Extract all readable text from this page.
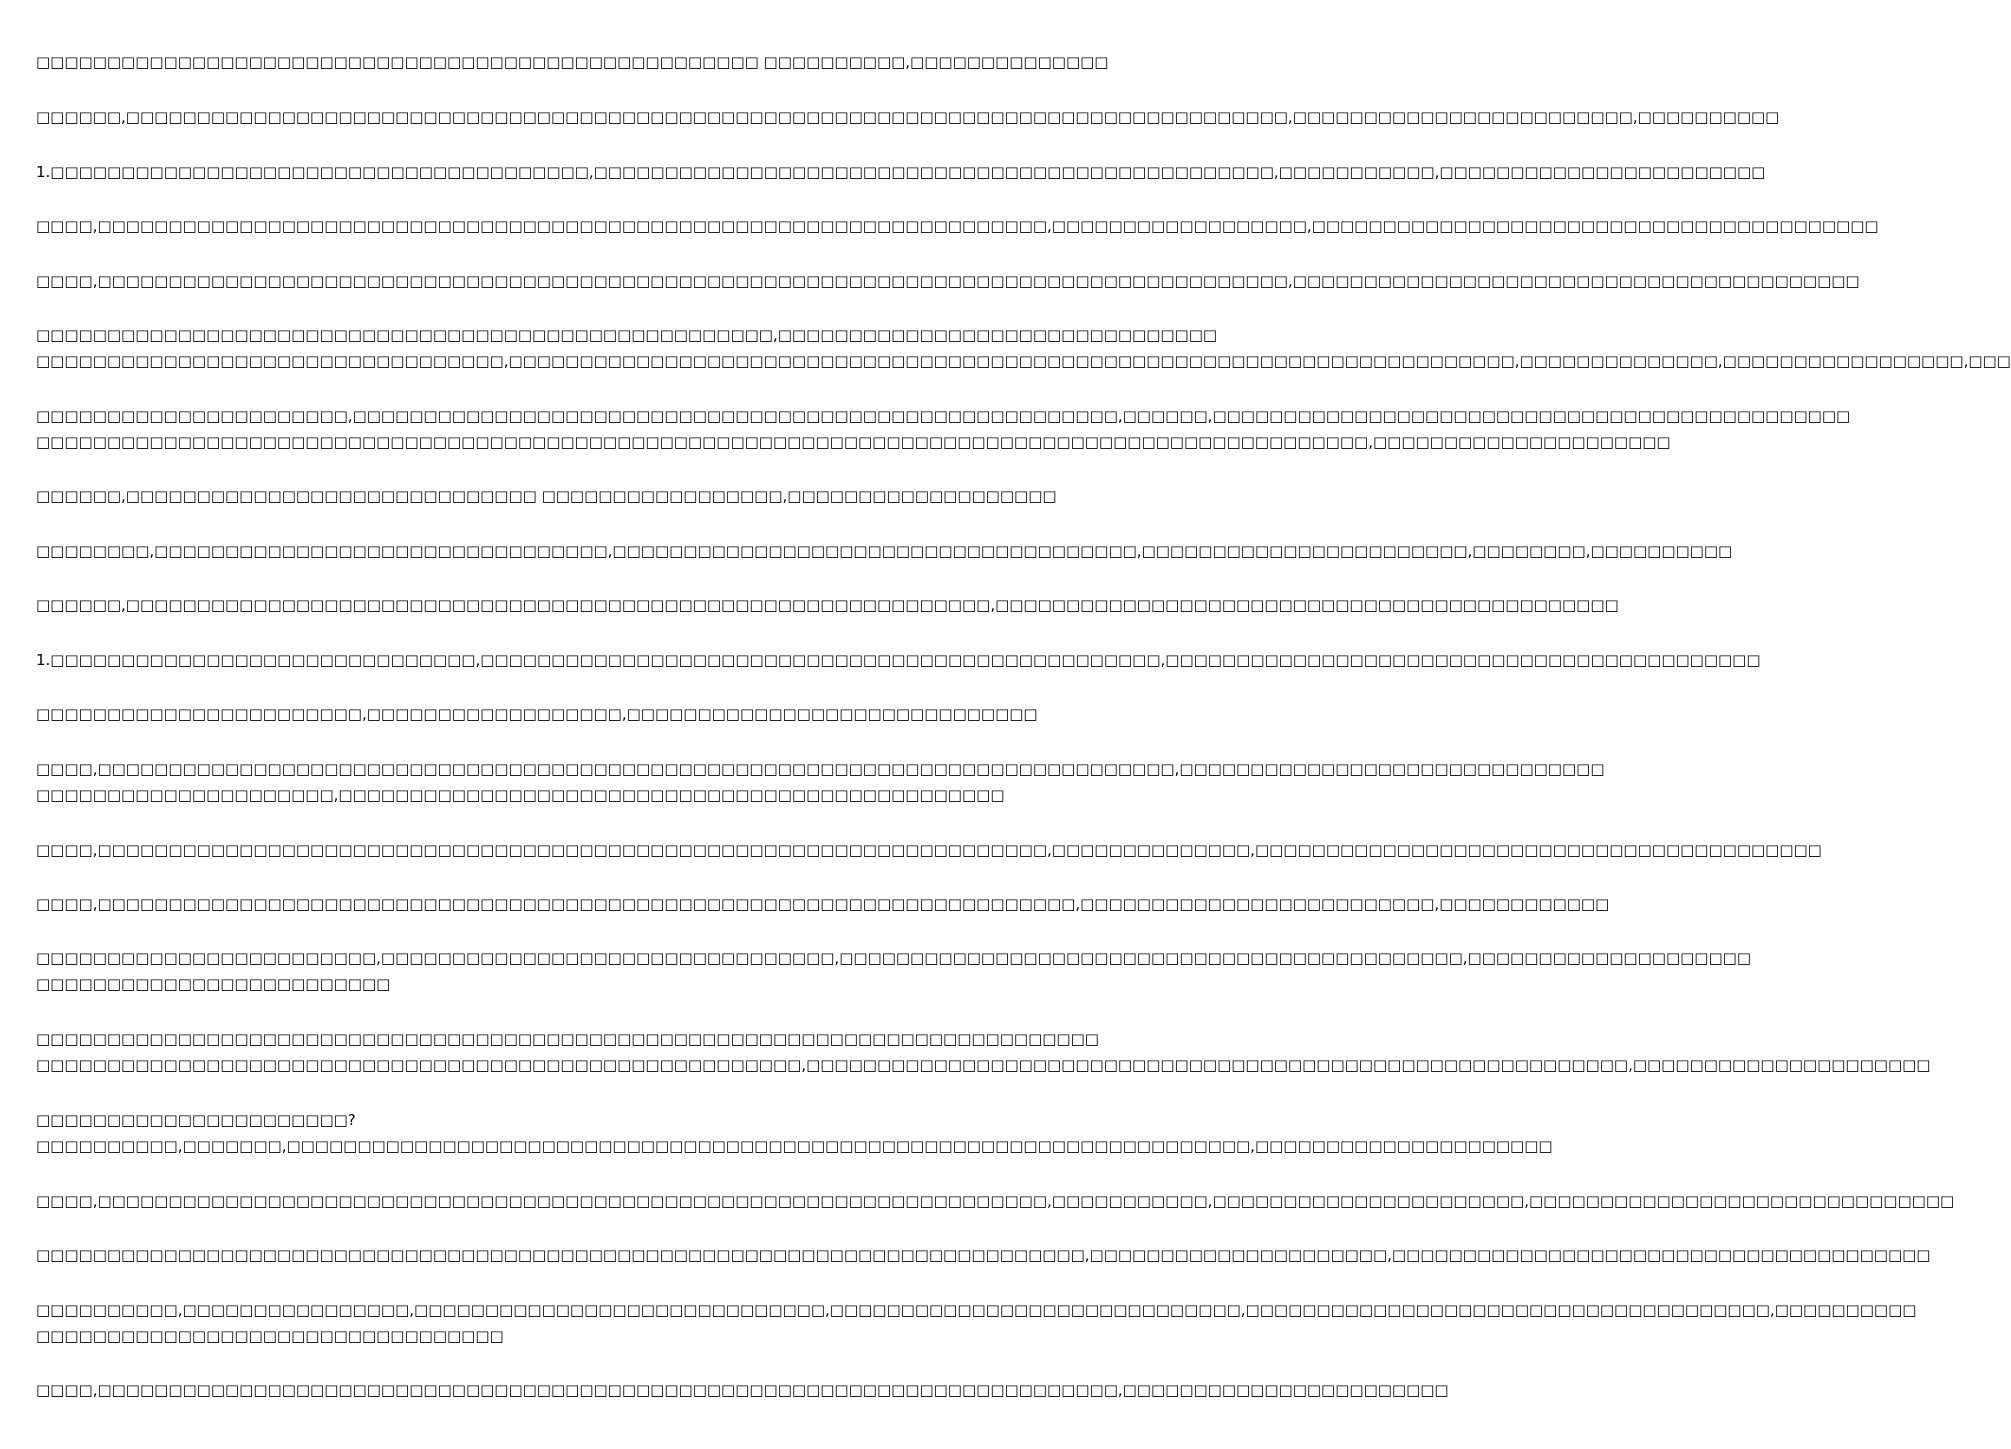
□□□□□□□□□□□□□□□□□□□□□□□□□□□□□□□□□□□□□□□□□□□□□□□□□□□ □□□□□□□□□□,□□□□□□□□□□□□□□
□□□□□□,□□□□□□□□□□□□□□□□□□□□□□□□□□□□□□□□□□□□□□□□□□□□□□□□□□□□□□□□□□□□□□□□□□□□□□□□□□□□□□□□□□,□□□□□□□□□□□□□□□□□□□□□□□□,□□□□□□□□□□
1.□□□□□□□□□□□□□□□□□□□□□□□□□□□□□□□□□□□□□□,□□□□□□□□□□□□□□□□□□□□□□□□□□□□□□□□□□□□□□□□□□□□□□□□,□□□□□□□□□□□,□□□□□□□□□□□□□□□□□□□□□□□
□□□□,□□□□□□□□□□□□□□□□□□□□□□□□□□□□□□□□□□□□□□□□□□□□□□□□□□□□□□□□□□□□□□□□□□□,□□□□□□□□□□□□□□□□□□,□□□□□□□□□□□□□□□□□□□□□□□□□□□□□□□□□□□□□□□□
□□□□,□□□□□□□□□□□□□□□□□□□□□□□□□□□□□□□□□□□□□□□□□□□□□□□□□□□□□□□□□□□□□□□□□□□□□□□□□□□□□□□□□□□□,□□□□□□□□□□□□□□□□□□□□□□□□□□□□□□□□□□□□□□□□
□□□□□□□□□□□□□□□□□□□□□□□□□□□□□□□□□□□□□□□□□□□□□□□□□□□□,□□□□□□□□□□□□□□□□□□□□□□□□□□□□□□□
□□□□□□□□□□□□□□□□□□□□□□□□□□□□□□□□□,□□□□□□□□□□□□□□□□□□□□□□□□□□□□□□□□□□□□□□□□□□□□□□□□□□□□□□□□□□□□□□□□□□□□□□□,□□□□□□□□□□□□□□,□□□□□□□□□□□□□□□□□,□□□
□□□□□□□□□□□□□□□□□□□□□□,□□□□□□□□□□□□□□□□□□□□□□□□□□□□□□□□□□□□□□□□□□□□□□□□□□□□□□,□□□□□□,□□□□□□□□□□□□□□□□□□□□□□□□□□□□□□□□□□□□□□□□□□□□□
□□□□□□□□□□□□□□□□□□□□□□□□□□□□□□□□□□□□□□□□□□□□□□□□□□□□□□□□□□□□□□□□□□□□□□□□□□□□□□□□□□□□□□□□□□□□□□,□□□□□□□□□□□□□□□□□□□□□
□□□□□□,□□□□□□□□□□□□□□□□□□□□□□□□□□□□□ □□□□□□□□□□□□□□□□□,□□□□□□□□□□□□□□□□□□□
□□□□□□□□,□□□□□□□□□□□□□□□□□□□□□□□□□□□□□□□□,□□□□□□□□□□□□□□□□□□□□□□□□□□□□□□□□□□□□□,□□□□□□□□□□□□□□□□□□□□□□□,□□□□□□□□,□□□□□□□□□□
□□□□□□,□□□□□□□□□□□□□□□□□□□□□□□□□□□□□□□□□□□□□□□□□□□□□□□□□□□□□□□□□□□□□,□□□□□□□□□□□□□□□□□□□□□□□□□□□□□□□□□□□□□□□□□□□□
1.□□□□□□□□□□□□□□□□□□□□□□□□□□□□□□,□□□□□□□□□□□□□□□□□□□□□□□□□□□□□□□□□□□□□□□□□□□□□□□□,□□□□□□□□□□□□□□□□□□□□□□□□□□□□□□□□□□□□□□□□□□
□□□□□□□□□□□□□□□□□□□□□□□,□□□□□□□□□□□□□□□□□□,□□□□□□□□□□□□□□□□□□□□□□□□□□□□□
□□□□,□□□□□□□□□□□□□□□□□□□□□□□□□□□□□□□□□□□□□□□□□□□□□□□□□□□□□□□□□□□□□□□□□□□□□□□□□□□□,□□□□□□□□□□□□□□□□□□□□□□□□□□□□□□
□□□□□□□□□□□□□□□□□□□□□,□□□□□□□□□□□□□□□□□□□□□□□□□□□□□□□□□□□□□□□□□□□□□□□
□□□□,□□□□□□□□□□□□□□□□□□□□□□□□□□□□□□□□□□□□□□□□□□□□□□□□□□□□□□□□□□□□□□□□□□□,□□□□□□□□□□□□□□,□□□□□□□□□□□□□□□□□□□□□□□□□□□□□□□□□□□□□□□□
□□□□,□□□□□□□□□□□□□□□□□□□□□□□□□□□□□□□□□□□□□□□□□□□□□□□□□□□□□□□□□□□□□□□□□□□□□,□□□□□□□□□□□□□□□□□□□□□□□□□,□□□□□□□□□□□□
□□□□□□□□□□□□□□□□□□□□□□□□,□□□□□□□□□□□□□□□□□□□□□□□□□□□□□□□□,□□□□□□□□□□□□□□□□□□□□□□□□□□□□□□□□□□□□□□□□□□□□,□□□□□□□□□□□□□□□□□□□□
□□□□□□□□□□□□□□□□□□□□□□□□□
□□□□□□□□□□□□□□□□□□□□□□□□□□□□□□□□□□□□□□□□□□□□□□□□□□□□□□□□□□□□□□□□□□□□□□□□□□□
□□□□□□□□□□□□□□□□□□□□□□□□□□□□□□□□□□□□□□□□□□□□□□□□□□□□□□,□□□□□□□□□□□□□□□□□□□□□□□□□□□□□□□□□□□□□□□□□□□□□□□□□□□□□□□□□□,□□□□□□□□□□□□□□□□□□□□□
□□□□□□□□□□□□□□□□□□□□□□?
□□□□□□□□□□,□□□□□□□,□□□□□□□□□□□□□□□□□□□□□□□□□□□□□□□□□□□□□□□□□□□□□□□□□□□□□□□□□□□□□□□□□□□□,□□□□□□□□□□□□□□□□□□□□□
□□□□,□□□□□□□□□□□□□□□□□□□□□□□□□□□□□□□□□□□□□□□□□□□□□□□□□□□□□□□□□□□□□□□□□□□,□□□□□□□□□□□,□□□□□□□□□□□□□□□□□□□□□□,□□□□□□□□□□□□□□□□□□□□□□□□□□□□□□
□□□□□□□□□□□□□□□□□□□□□□□□□□□□□□□□□□□□□□□□□□□□□□□□□□□□□□□□□□□□□□□□□□□□□□□□□□,□□□□□□□□□□□□□□□□□□□□□,□□□□□□□□□□□□□□□□□□□□□□□□□□□□□□□□□□□□□□
□□□□□□□□□□,□□□□□□□□□□□□□□□□,□□□□□□□□□□□□□□□□□□□□□□□□□□□□□,□□□□□□□□□□□□□□□□□□□□□□□□□□□□□,□□□□□□□□□□□□□□□□□□□□□□□□□□□□□□□□□□□□□,□□□□□□□□□□
□□□□□□□□□□□□□□□□□□□□□□□□□□□□□□□□□
□□□□,□□□□□□□□□□□□□□□□□□□□□□□□□□□□□□□□□□□□□□□□□□□□□□□□□□□□□□□□□□□□□□□□□□□□□□□□,□□□□□□□□□□□□□□□□□□□□□□□
